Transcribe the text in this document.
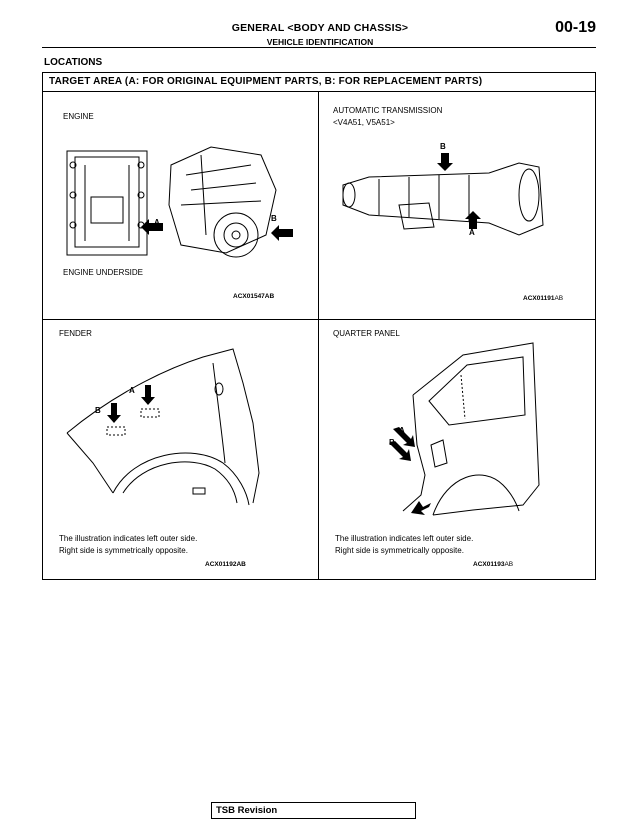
GENERAL <BODY AND CHASSIS>
VEHICLE IDENTIFICATION
00-19
LOCATIONS
TARGET AREA (A: FOR ORIGINAL EQUIPMENT PARTS, B: FOR REPLACEMENT PARTS)
ENGINE
A	B
ENGINE UNDERSIDE
ACX01547AB
AUTOMATIC TRANSMISSION
<V4A51, V5A51>
B
A
ACX01191AB
FENDER
A
B
The illustration indicates left outer side.
Right side is symmetrically opposite.
ACX01192AB
QUARTER PANEL
A
B
The illustration indicates left outer side.
Right side is symmetrically opposite.
ACX01193AB
TSB Revision
